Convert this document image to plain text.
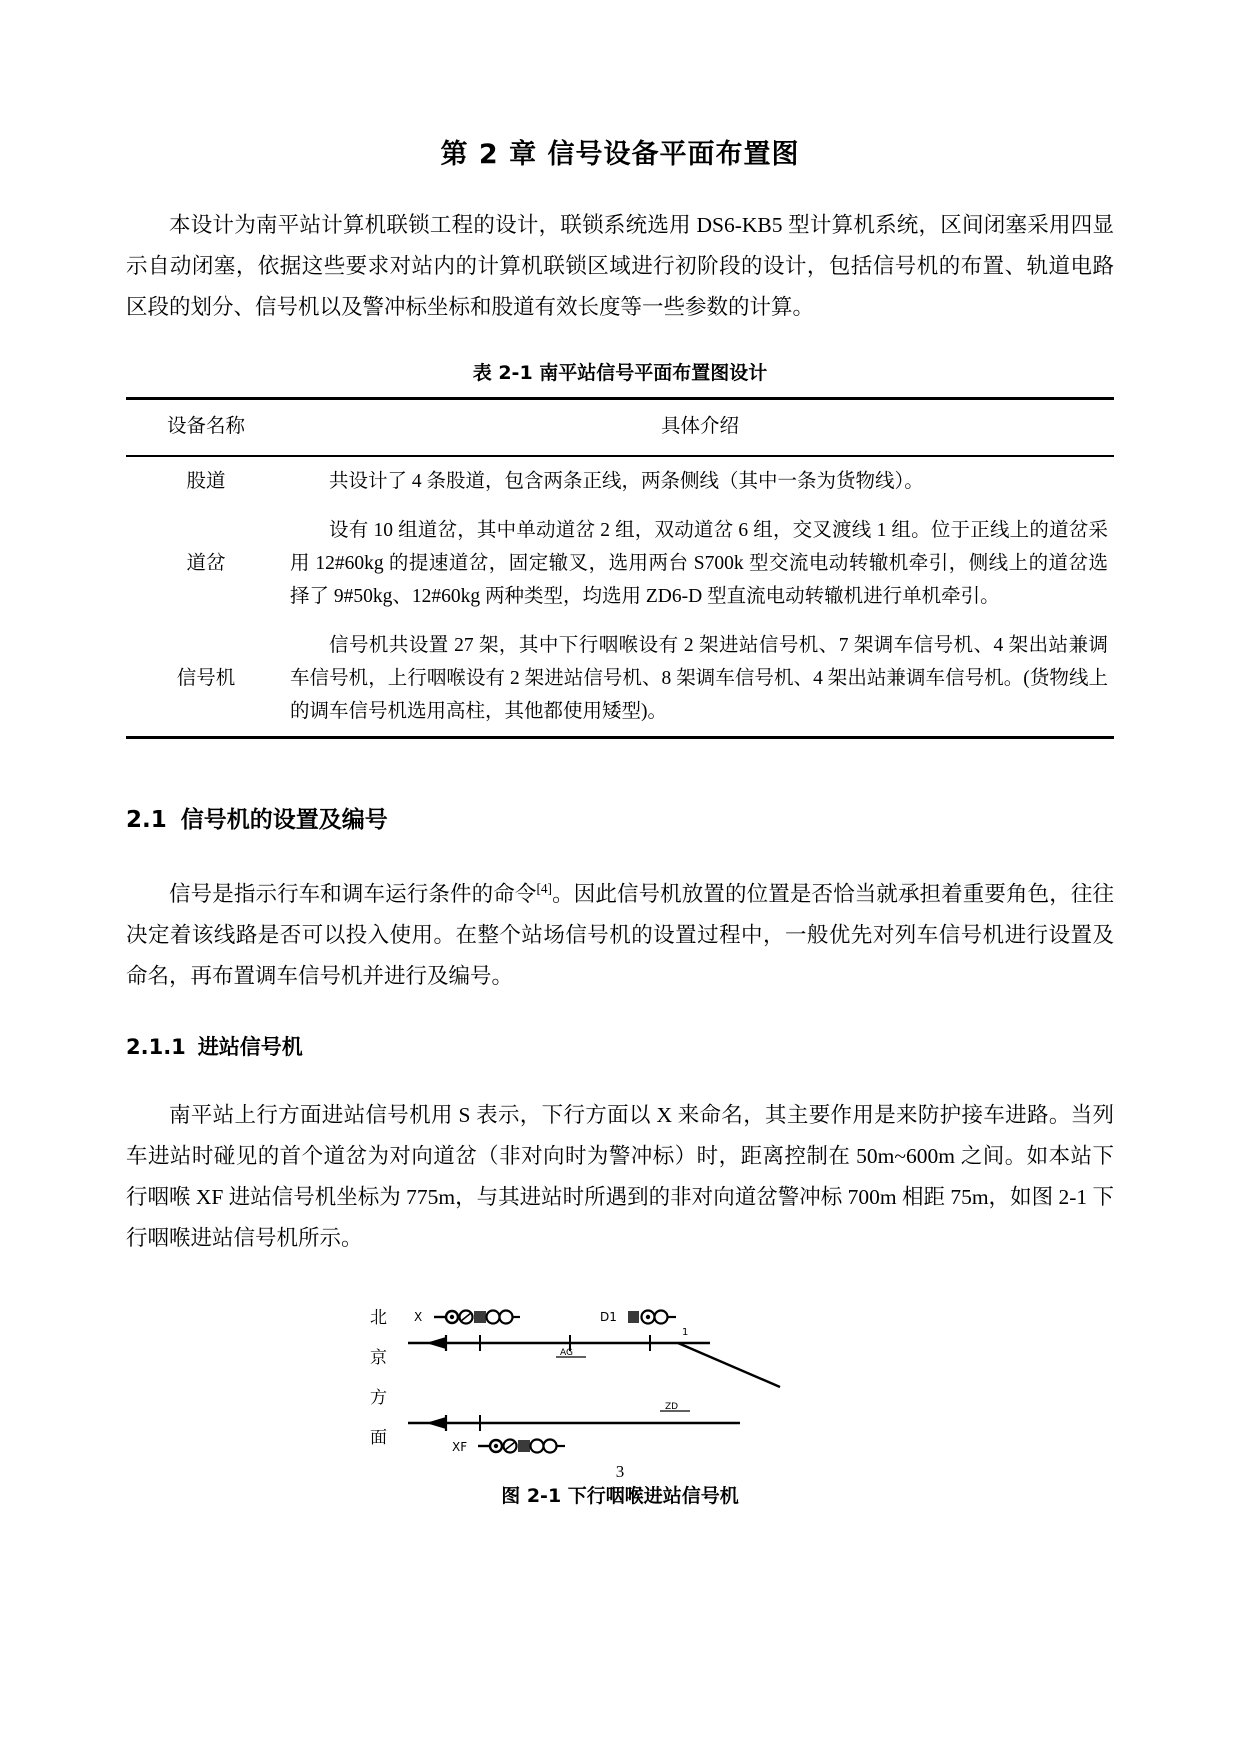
第 2 章 信号设备平面布置图

本设计为南平站计算机联锁工程的设计，联锁系统选用 DS6-KB5 型计算机系统，区间闭塞采用四显示自动闭塞，依据这些要求对站内的计算机联锁区域进行初阶段的设计，包括信号机的布置、轨道电路区段的划分、信号机以及警冲标坐标和股道有效长度等一些参数的计算。

表 2-1 南平站信号平面布置图设计
设备名称	具体介绍
股道	共设计了 4 条股道，包含两条正线，两条侧线（其中一条为货物线）。
道岔	设有 10 组道岔，其中单动道岔 2 组，双动道岔 6 组，交叉渡线 1 组。位于正线上的道岔采用 12#60kg 的提速道岔，固定辙叉，选用两台 S700k 型交流电动转辙机牵引，侧线上的道岔选择了 9#50kg、12#60kg 两种类型，均选用 ZD6-D 型直流电动转辙机进行单机牵引。
信号机	信号机共设置 27 架，其中下行咽喉设有 2 架进站信号机、7 架调车信号机、4 架出站兼调车信号机，上行咽喉设有 2 架进站信号机、8 架调车信号机、4 架出站兼调车信号机。(货物线上的调车信号机选用高柱，其他都使用矮型)。
2.1 信号机的设置及编号

信号是指示行车和调车运行条件的命令[4]。因此信号机放置的位置是否恰当就承担着重要角色，往往决定着该线路是否可以投入使用。在整个站场信号机的设置过程中，一般优先对列车信号机进行设置及命名，再布置调车信号机并进行及编号。

2.1.1 进站信号机

南平站上行方面进站信号机用 S 表示，下行方面以 X 来命名，其主要作用是来防护接车进路。当列车进站时碰见的首个道岔为对向道岔（非对向时为警冲标）时，距离控制在 50m~600m 之间。如本站下行咽喉 XF 进站信号机坐标为 775m，与其进站时所遇到的非对向道岔警冲标 700m 相距 75m，如图 2-1 下行咽喉进站信号机所示。

北
京
方
面
1
X
AG
D1
ZD
XF
图 2-1 下行咽喉进站信号机
3
